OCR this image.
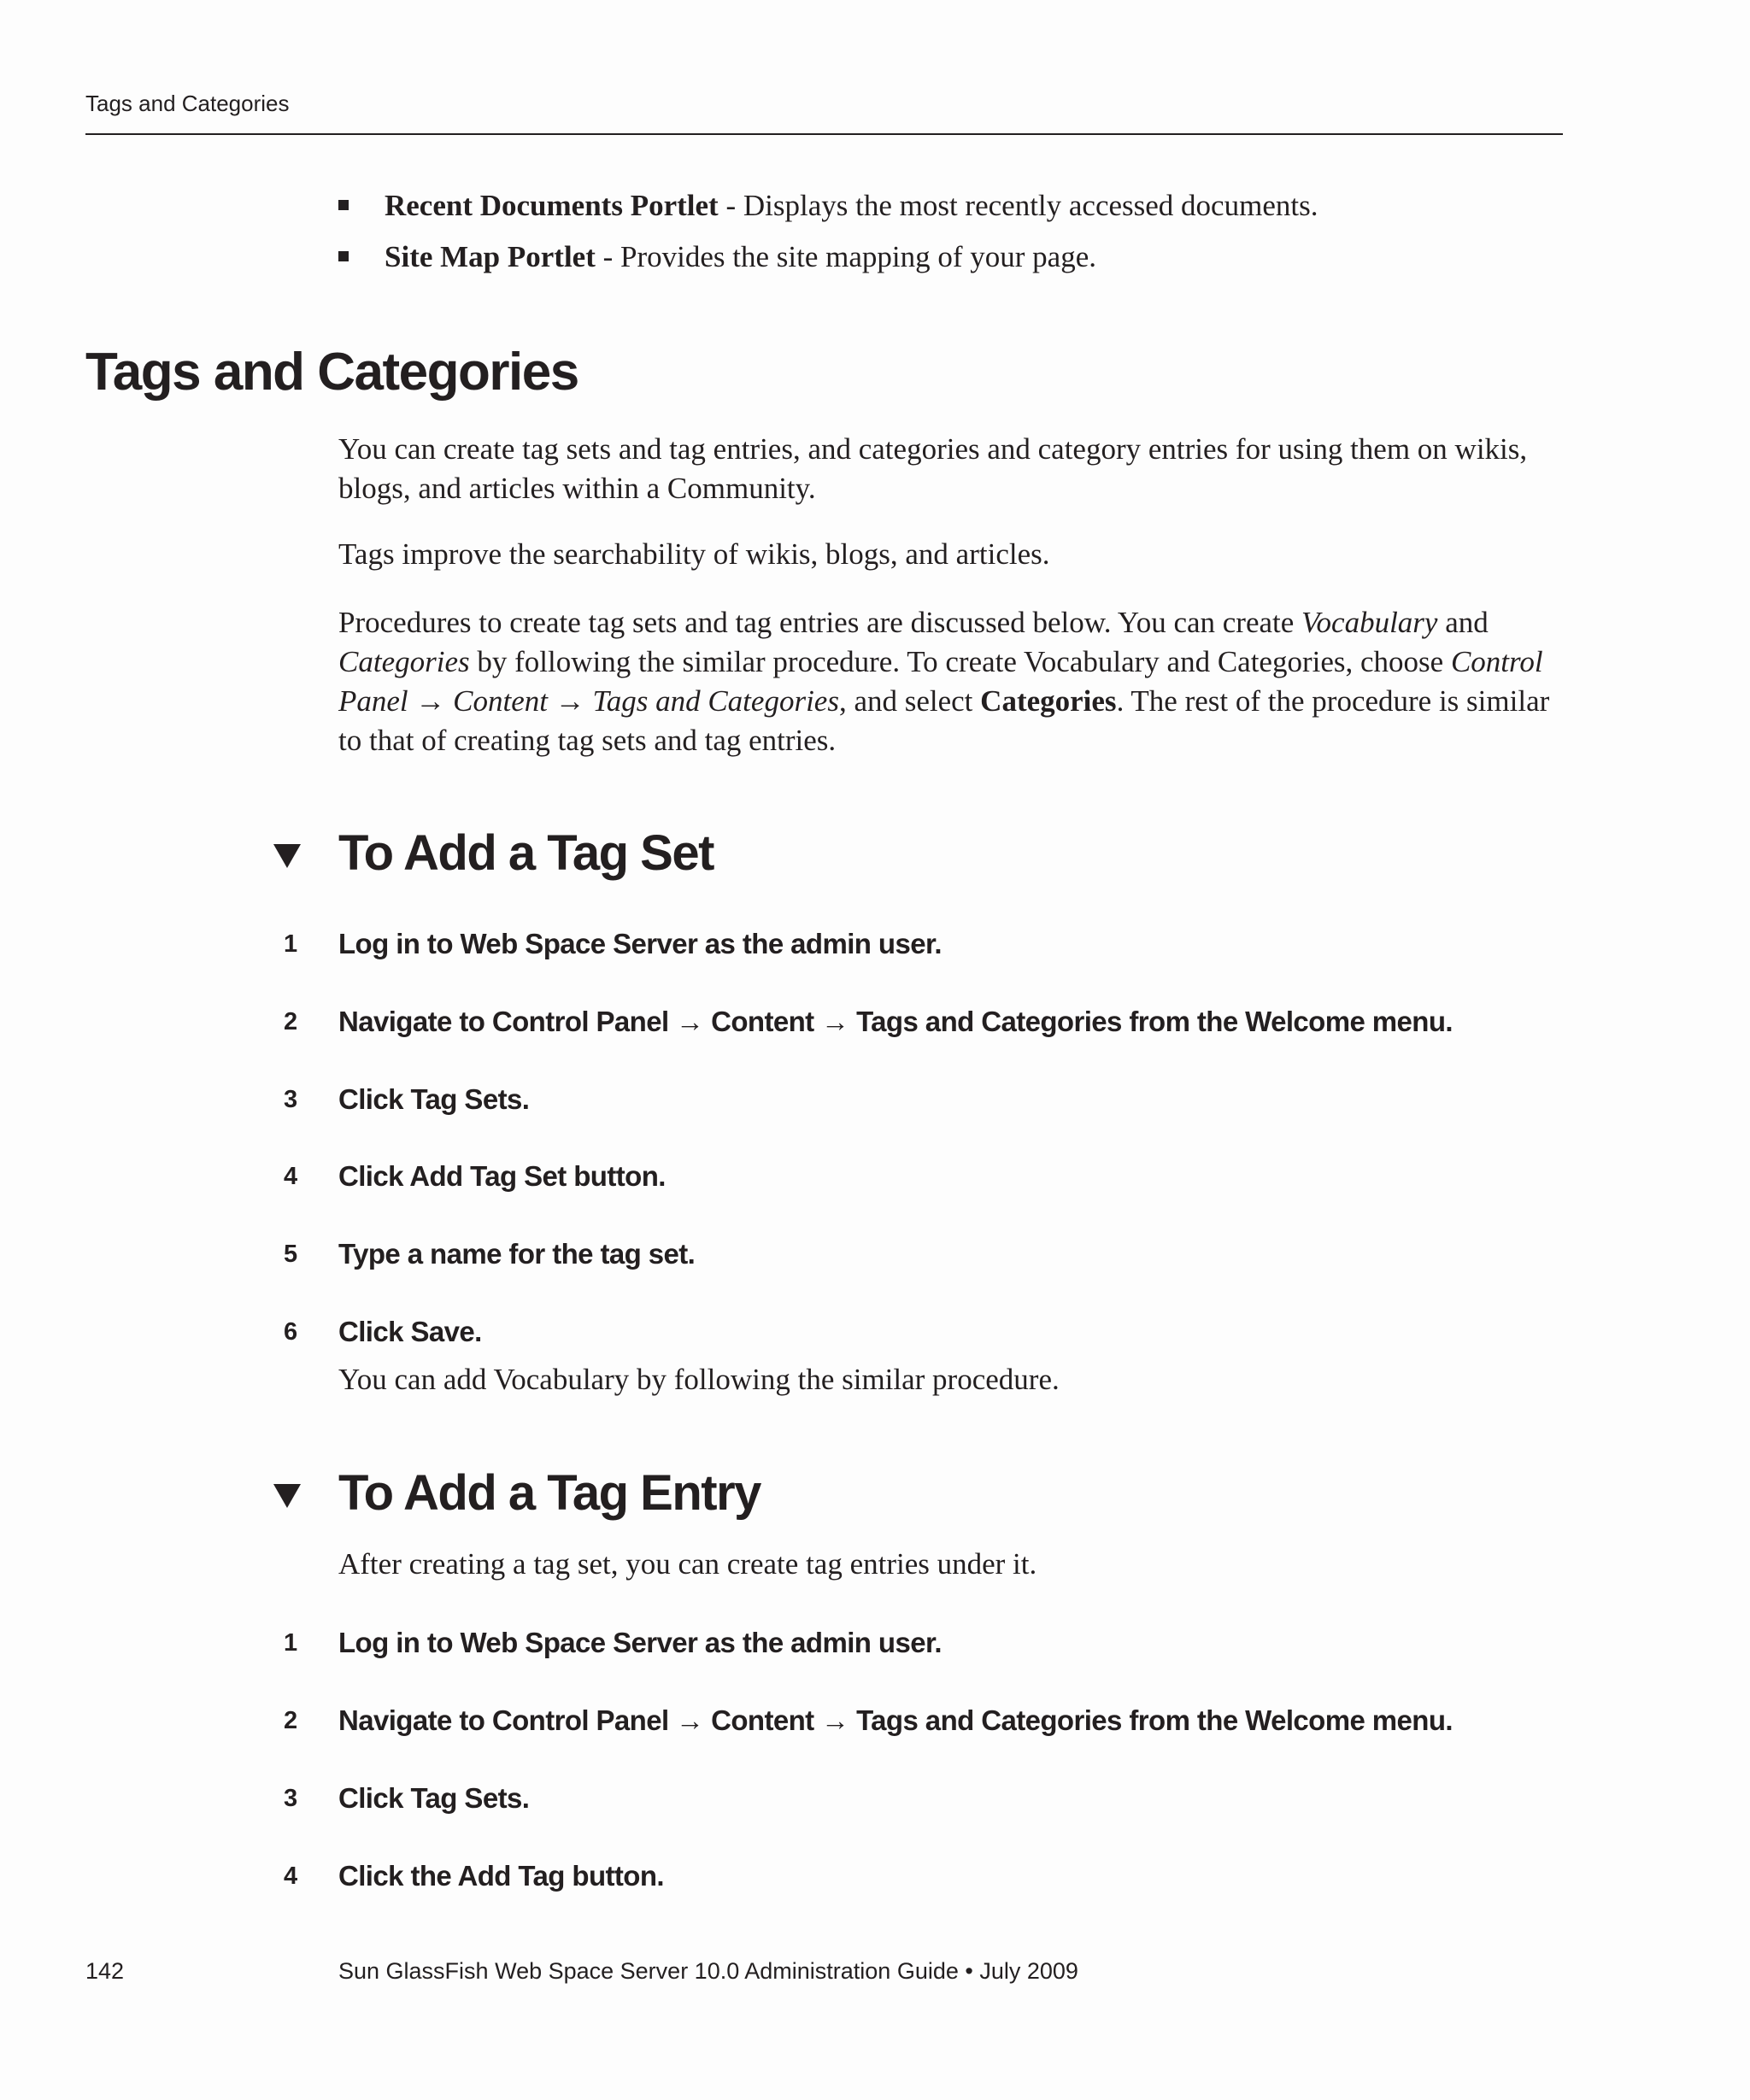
Tags and Categories
Recent Documents Portlet - Displays the most recently accessed documents.
Site Map Portlet - Provides the site mapping of your page.
Tags and Categories

You can create tag sets and tag entries, and categories and category entries for using them on wikis, blogs, and articles within a Community.

Tags improve the searchability of wikis, blogs, and articles.

Procedures to create tag sets and tag entries are discussed below. You can create Vocabulary and Categories by following the similar procedure. To create Vocabulary and Categories, choose Control Panel → Content → Tags and Categories, and select Categories. The rest of the procedure is similar to that of creating tag sets and tag entries.

To Add a Tag Set
1 Log in to Web Space Server as the admin user.
2 Navigate to Control Panel → Content → Tags and Categories from the Welcome menu.
3 Click Tag Sets.
4 Click Add Tag Set button.
5 Type a name for the tag set.
6 Click Save.

You can add Vocabulary by following the similar procedure.

To Add a Tag Entry

After creating a tag set, you can create tag entries under it.

1 Log in to Web Space Server as the admin user.
2 Navigate to Control Panel → Content → Tags and Categories from the Welcome menu.
3 Click Tag Sets.
4 Click the Add Tag button.
142	Sun GlassFish Web Space Server 10.0 Administration Guide • July 2009
